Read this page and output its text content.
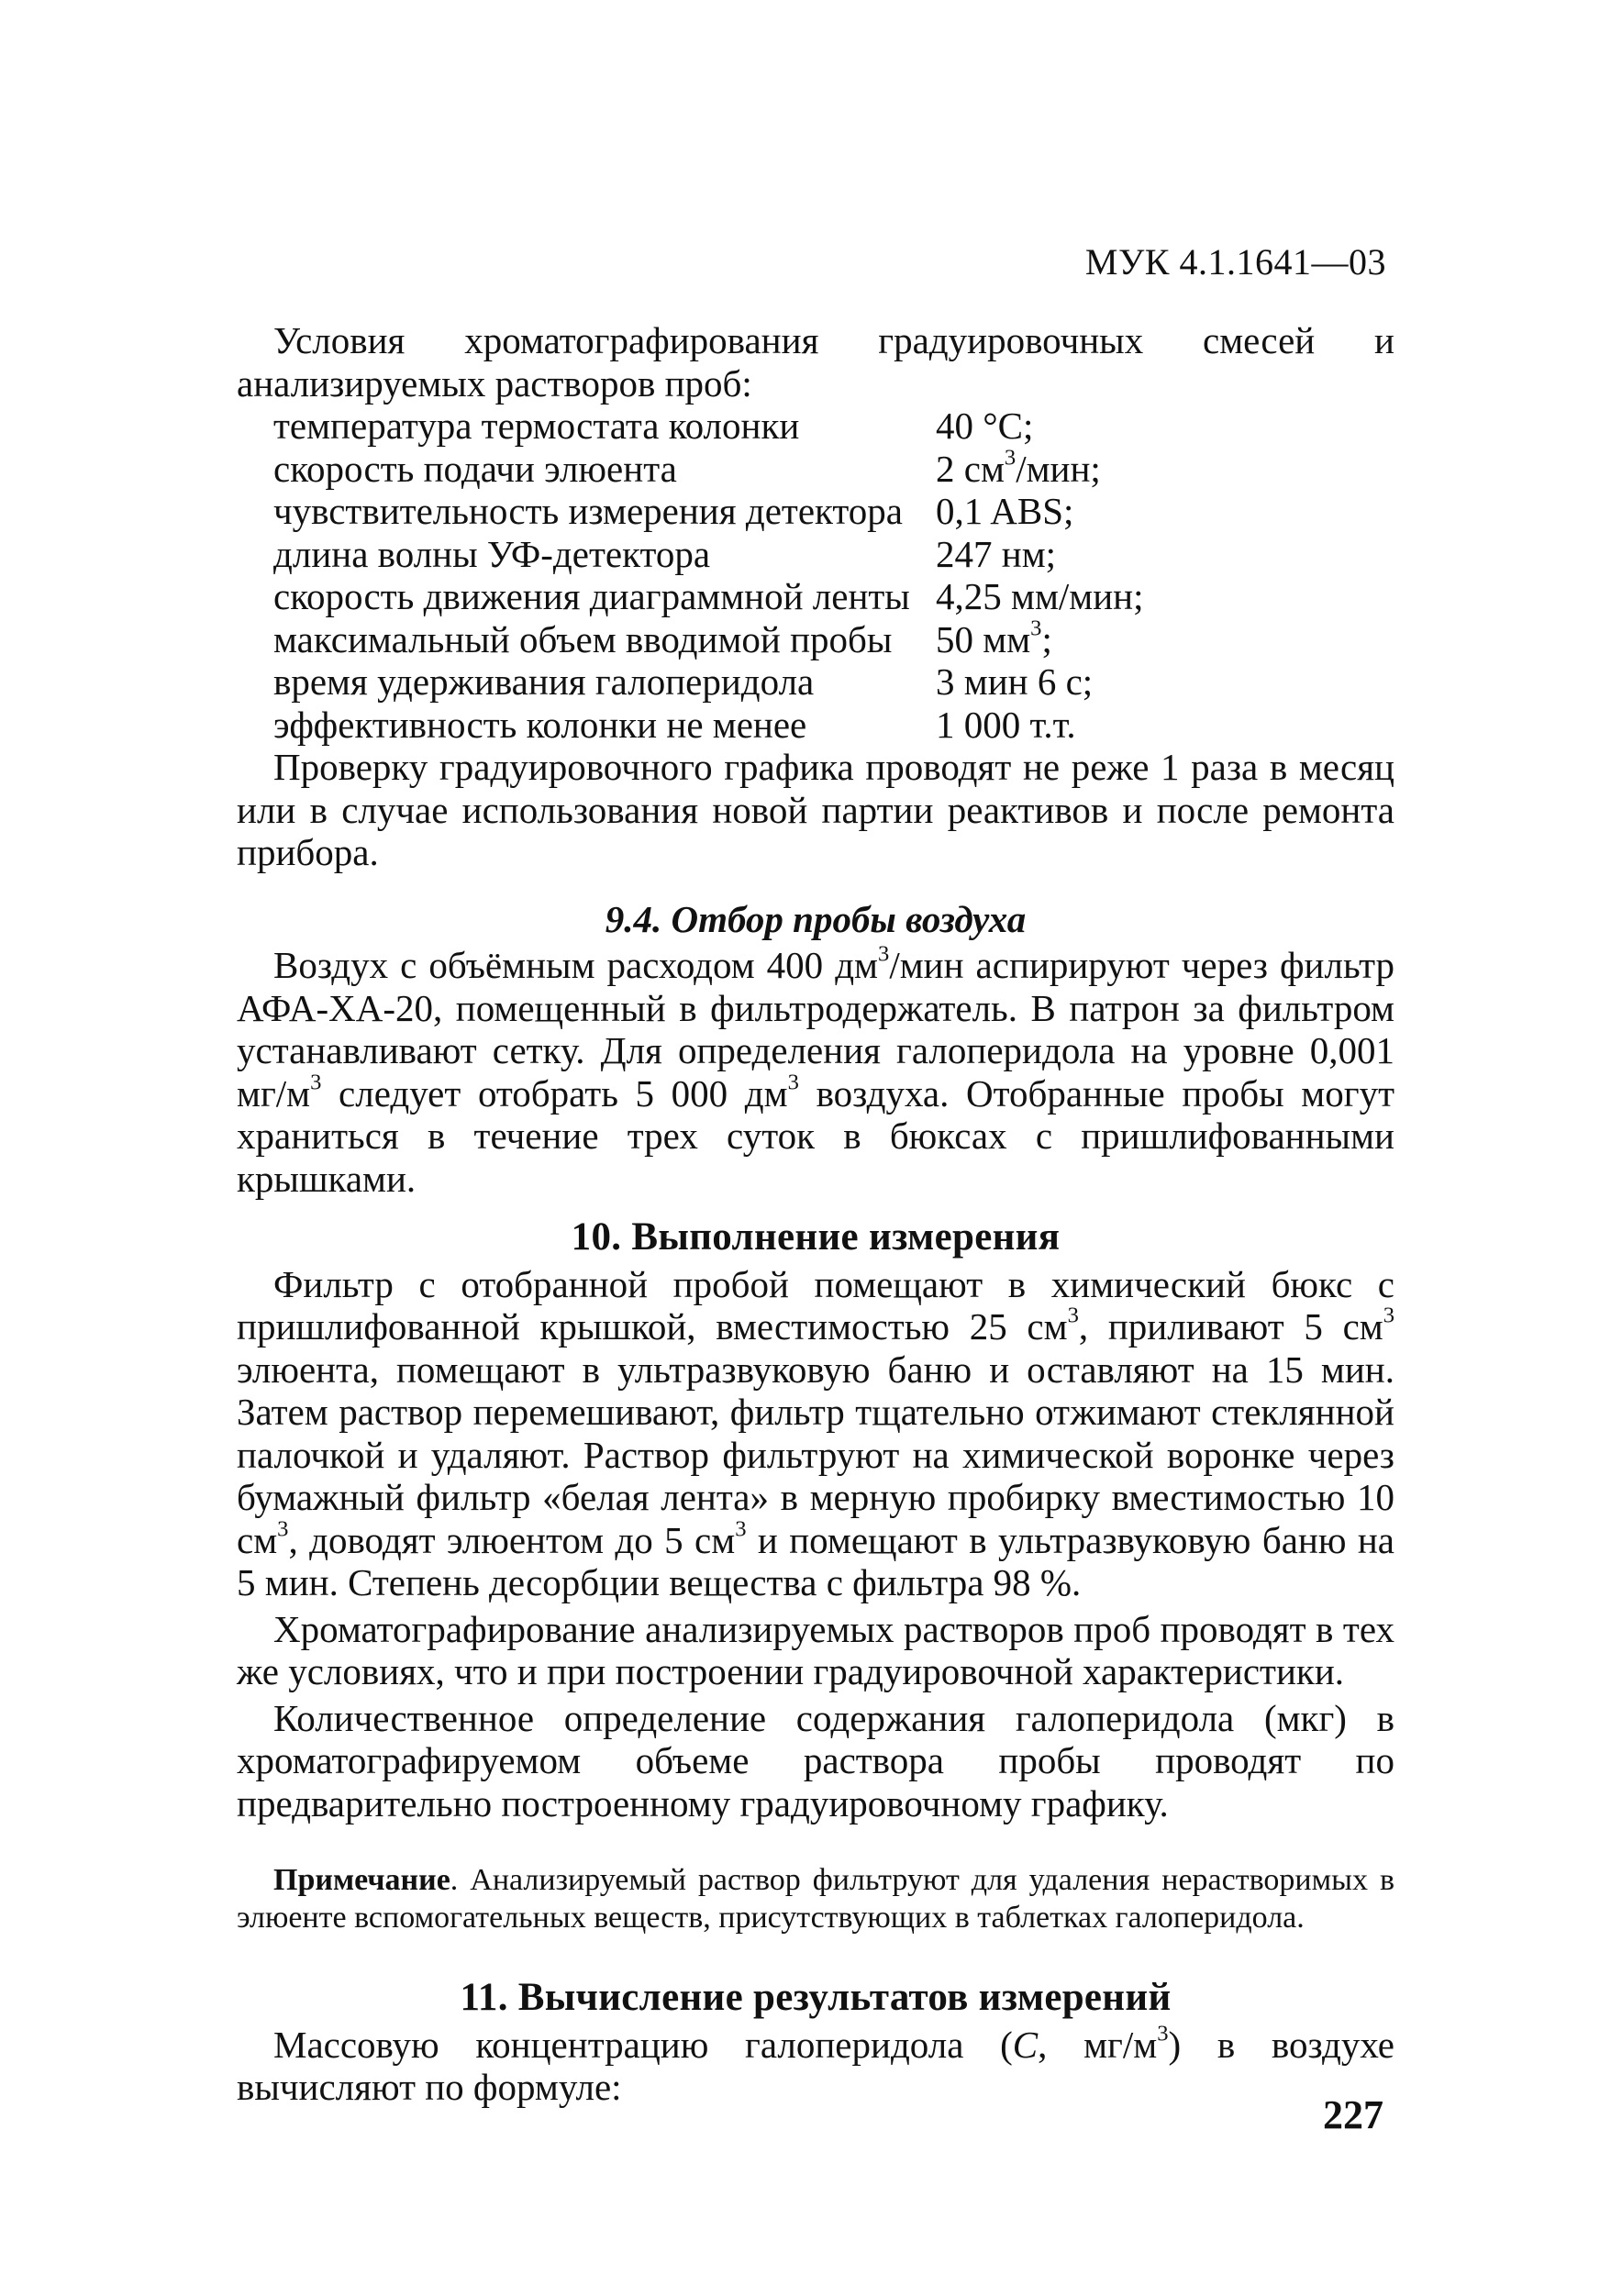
МУК 4.1.1641—03

Условия хроматографирования градуировочных смесей и анализируемых растворов проб:

температура термостата колонки	40 °С;
скорость подачи элюента	2 $см^3$/мин;
чувствительность измерения детектора 0,1 ABS;
длина волны УФ-детектора	247 нм;
скорость движения диаграммной ленты 4,25 мм/мин;
максимальный объем вводимой пробы	50 $мм^3$;
время удерживания галоперидола	3 мин 6 с;
эффективность колонки не менее	1 000 т.т.

Проверку градуировочного графика проводят не реже 1 раза в месяц или в случае использования новой партии реактивов и после ремонта прибора.

9.4. Отбор пробы воздуха

Воздух с объёмным расходом 400 $дм^3$/мин аспирируют через фильтр АФА-ХА-20, помещенный в фильтродержатель. В патрон за фильтром устанавливают сетку. Для определения галоперидола на уровне 0,001 $мг/м^3$ следует отобрать 5 000 $дм^3$ воздуха. Отобранные пробы могут храниться в течение трех суток в бюксах с пришлифованными крышками.

10. Выполнение измерения

Фильтр с отобранной пробой помещают в химический бюкс с пришлифованной крышкой, вместимостью 25 $см^3$, приливают 5 $см^3$ элюента, помещают в ультразвуковую баню и оставляют на 15 мин. Затем раствор перемешивают, фильтр тщательно отжимают стеклянной палочкой и удаляют. Раствор фильтруют на химической воронке через бумажный фильтр «белая лента» в мерную пробирку вместимостью 10 $см^3$, доводят элюентом до 5 $см^3$ и помещают в ультразвуковую баню на 5 мин. Степень десорбции вещества с фильтра 98 %.

Хроматографирование анализируемых растворов проб проводят в тех же условиях, что и при построении градуировочной характеристики.

Количественное определение содержания галоперидола (мкг) в хроматографируемом объеме раствора пробы проводят по предварительно построенному градуировочному графику.

Примечание. Анализируемый раствор фильтруют для удаления нерастворимых в элюенте вспомогательных веществ, присутствующих в таблетках галоперидола.

11. Вычисление результатов измерений

Массовую концентрацию галоперидола (С, $мг/м^3$) в воздухе вычисляют по формуле:

227
